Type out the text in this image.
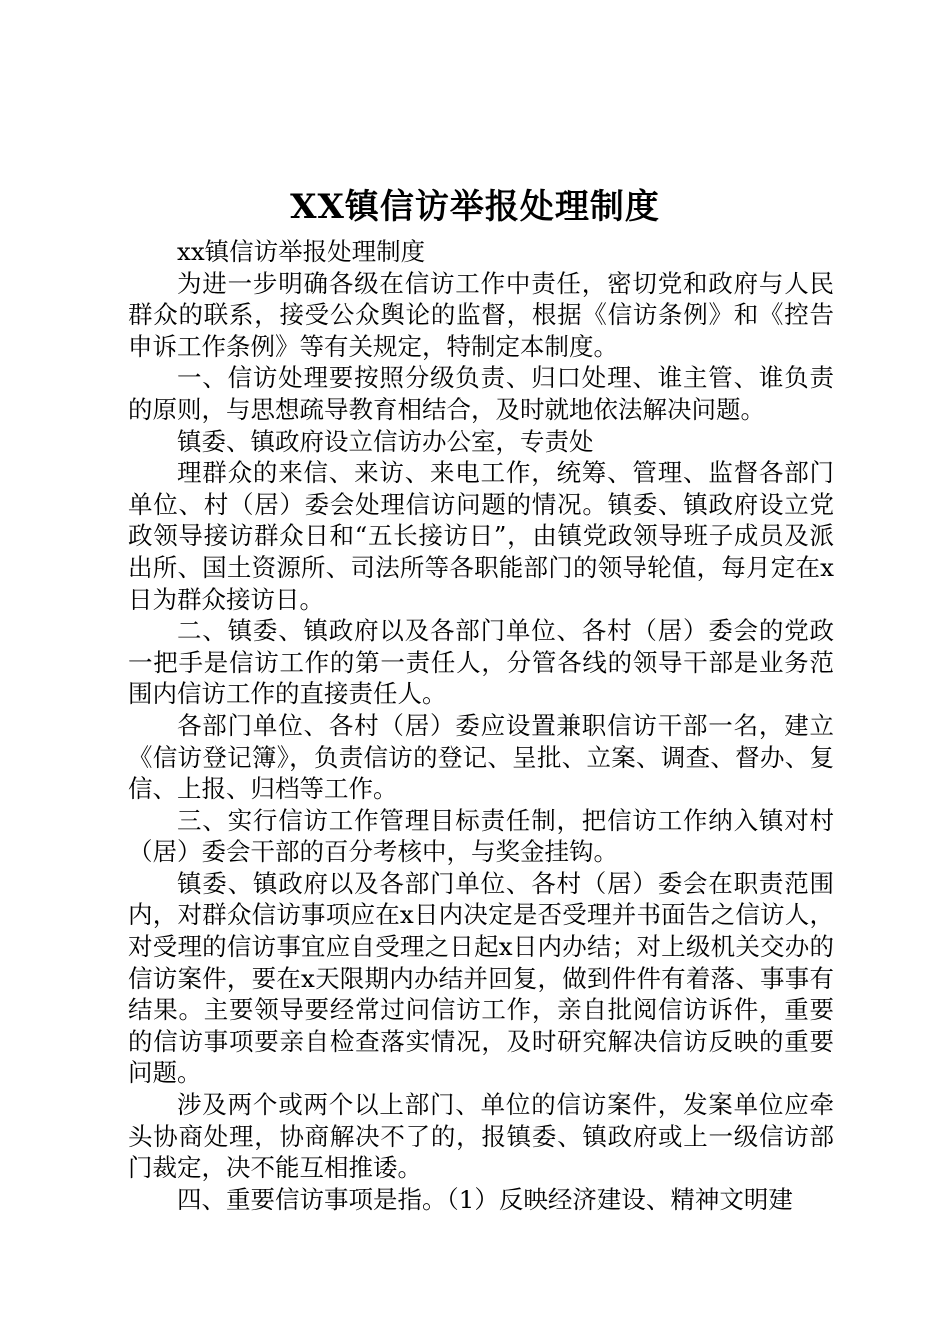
XX镇信访举报处理制度

xx镇信访举报处理制度

为进一步明确各级在信访工作中责任，密切党和政府与人民群众的联系，接受公众舆论的监督，根据《信访条例》和《控告申诉工作条例》等有关规定，特制定本制度。

一、信访处理要按照分级负责、归口处理、谁主管、谁负责的原则，与思想疏导教育相结合，及时就地依法解决问题。

镇委、镇政府设立信访办公室，专责处

理群众的来信、来访、来电工作，统筹、管理、监督各部门单位、村（居）委会处理信访问题的情况。镇委、镇政府设立党政领导接访群众日和“五长接访日”，由镇党政领导班子成员及派出所、国土资源所、司法所等各职能部门的领导轮值，每月定在x日为群众接访日。

二、镇委、镇政府以及各部门单位、各村（居）委会的党政一把手是信访工作的第一责任人，分管各线的领导干部是业务范围内信访工作的直接责任人。

各部门单位、各村（居）委应设置兼职信访干部一名，建立《信访登记簿》，负责信访的登记、呈批、立案、调查、督办、复信、上报、归档等工作。

三、实行信访工作管理目标责任制，把信访工作纳入镇对村（居）委会干部的百分考核中，与奖金挂钩。

镇委、镇政府以及各部门单位、各村（居）委会在职责范围内，对群众信访事项应在x日内决定是否受理并书面告之信访人，对受理的信访事宜应自受理之日起x日内办结；对上级机关交办的信访案件，要在x天限期内办结并回复，做到件件有着落、事事有结果。主要领导要经常过问信访工作，亲自批阅信访诉件，重要的信访事项要亲自检查落实情况，及时研究解决信访反映的重要问题。

涉及两个或两个以上部门、单位的信访案件，发案单位应牵头协商处理，协商解决不了的，报镇委、镇政府或上一级信访部门裁定，决不能互相推诿。

四、重要信访事项是指。（1）反映经济建设、精神文明建
